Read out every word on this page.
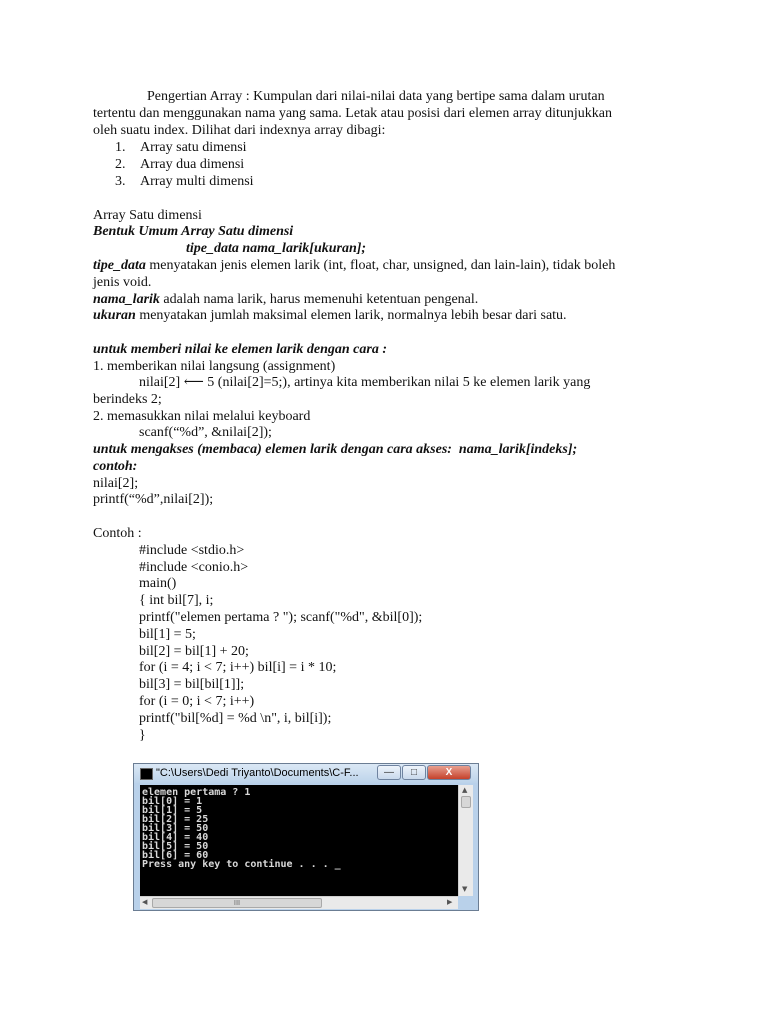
Pengertian Array : Kumpulan dari nilai-nilai data yang bertipe sama dalam urutan
tertentu dan menggunakan nama yang sama. Letak atau posisi dari elemen array ditunjukkan
oleh suatu index. Dilihat dari indexnya array dibagi:
1. Array satu dimensi
2. Array dua dimensi
3. Array multi dimensi
Array Satu dimensi
Bentuk Umum Array Satu dimensi
tipe_data nama_larik[ukuran];
tipe_data menyatakan jenis elemen larik (int, float, char, unsigned, dan lain-lain), tidak boleh
jenis void.
nama_larik adalah nama larik, harus memenuhi ketentuan pengenal.
ukuran menyatakan jumlah maksimal elemen larik, normalnya lebih besar dari satu.
untuk memberi nilai ke elemen larik dengan cara :
1. memberikan nilai langsung (assignment)
nilai[2] ⟵ 5 (nilai[2]=5;), artinya kita memberikan nilai 5 ke elemen larik yang
berindeks 2;
2. memasukkan nilai melalui keyboard
scanf(“%d”, &nilai[2]);
untuk mengakses (membaca) elemen larik dengan cara akses:  nama_larik[indeks];
contoh:
nilai[2];
printf(“%d”,nilai[2]);
Contoh :
#include <stdio.h>
#include <conio.h>
main()
{ int bil[7], i;
printf("elemen pertama ? "); scanf("%d", &bil[0]);
bil[1] = 5;
bil[2] = bil[1] + 20;
for (i = 4; i < 7; i++) bil[i] = i * 10;
bil[3] = bil[bil[1]];
for (i = 0; i < 7; i++)
printf("bil[%d] = %d \n", i, bil[i]);
}
"C:\Users\Dedi Triyanto\Documents\C-F...	—	□	X
elemen pertama ? 1
bil[0] = 1
bil[1] = 5
bil[2] = 25
bil[3] = 50
bil[4] = 40
bil[5] = 50
bil[6] = 60
Press any key to continue . . . _
▲
▼
◀	III	▶
